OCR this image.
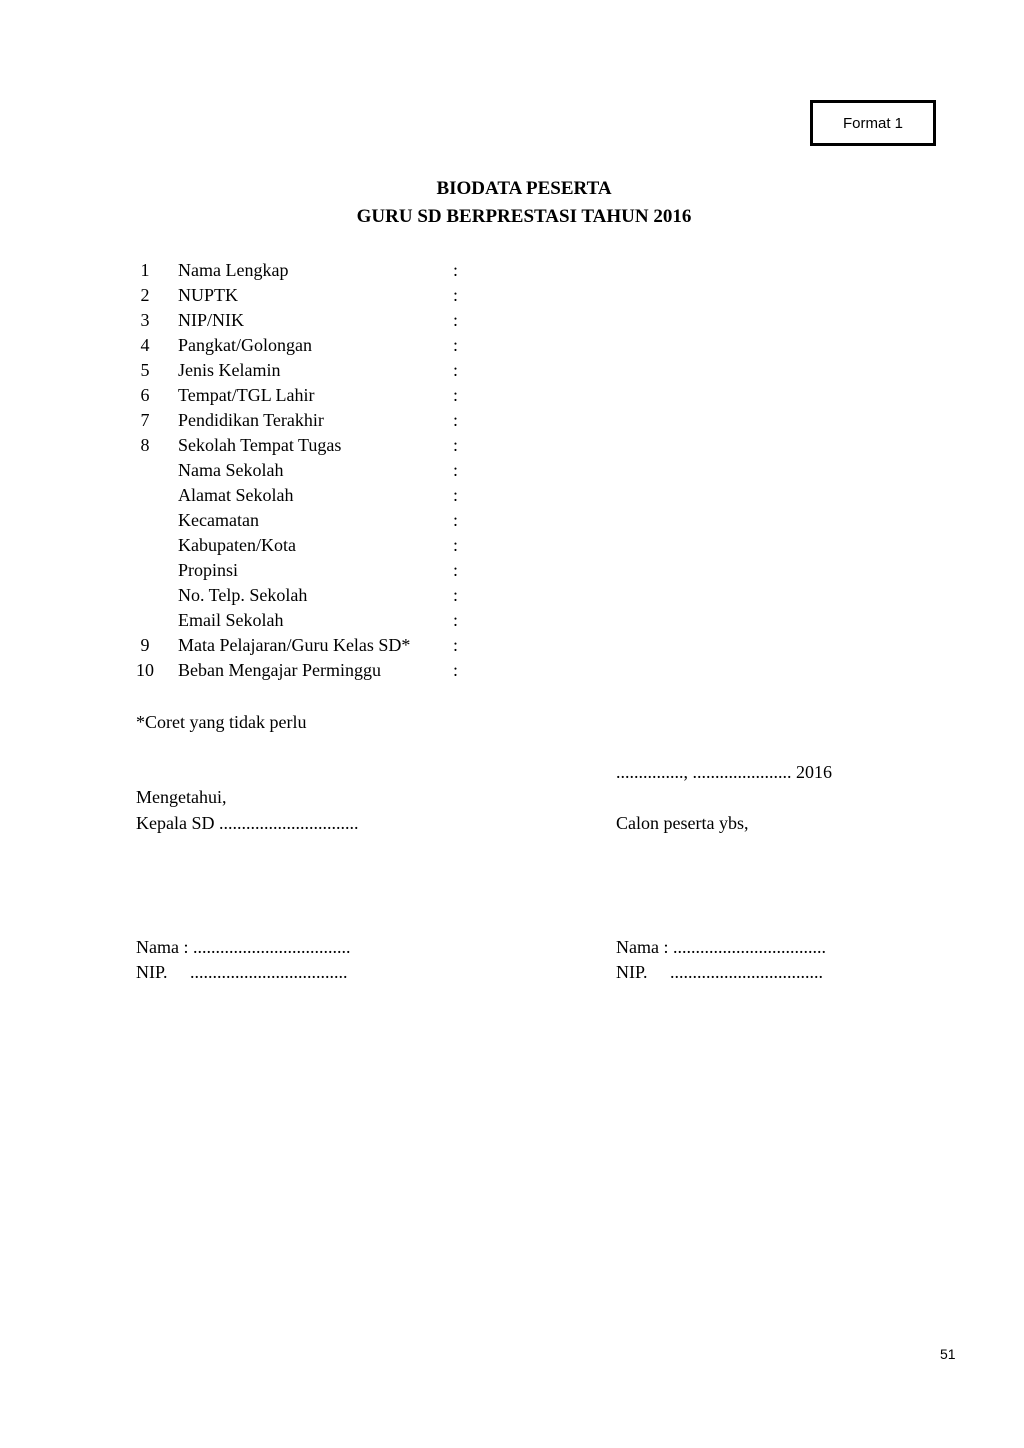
Format 1
BIODATA PESERTA
GURU SD BERPRESTASI TAHUN 2016
1	Nama Lengkap	:
2	NUPTK	:
3	NIP/NIK	:
4	Pangkat/Golongan	:
5	Jenis Kelamin	:
6	Tempat/TGL Lahir	:
7	Pendidikan Terakhir	:
8	Sekolah Tempat Tugas	:
Nama Sekolah	:
Alamat Sekolah	:
Kecamatan	:
Kabupaten/Kota	:
Propinsi	:
No. Telp. Sekolah	:
Email Sekolah	:
9	Mata Pelajaran/Guru Kelas SD*	:
10	Beban Mengajar Perminggu	:
*Coret yang tidak perlu
..............., ...................... 2016
Mengetahui,
Kepala SD ...............................	Calon peserta ybs,
Nama : ...................................
NIP.     ...................................
Nama : ..................................
NIP.     ..................................
51
